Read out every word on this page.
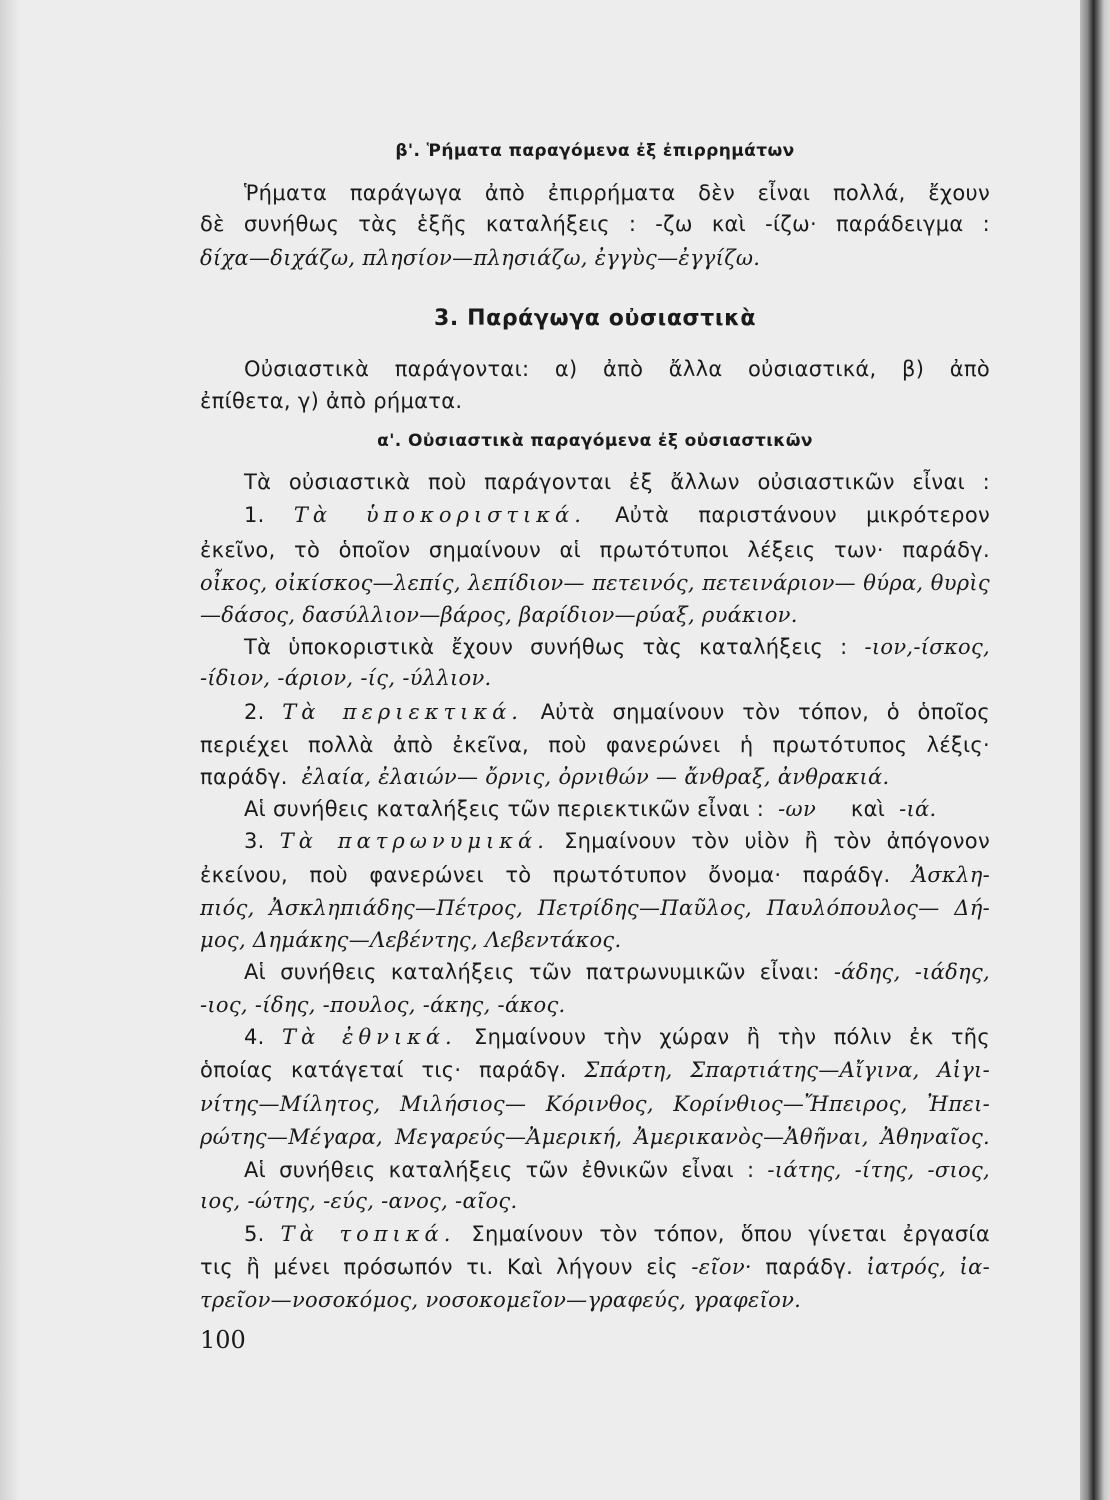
β'. Ῥήματα παραγόμενα ἐξ ἐπιρρημάτων
Ῥήματα παράγωγα ἀπὸ ἐπιρρήματα δὲν εἶναι πολλά, ἔχουν
δὲ συνήθως τὰς ἑξῆς καταλήξεις : -ζω καὶ -ίζω· παράδειγμα :
δίχα—διχάζω, πλησίον—πλησιάζω, ἐγγὺς—ἐγγίζω.
3. Παράγωγα οὐσιαστικὰ
Οὐσιαστικὰ παράγονται: α) ἀπὸ ἄλλα οὐσιαστικά, β) ἀπὸ
ἐπίθετα, γ) ἀπὸ ρήματα.
α'. Οὐσιαστικὰ παραγόμενα ἐξ οὐσιαστικῶν
Τὰ οὐσιαστικὰ ποὺ παράγονται ἐξ ἄλλων οὐσιαστικῶν εἶναι :
1. Τὰ ὑποκοριστικά. Αὐτὰ παριστάνουν μικρότερον
ἐκεῖνο, τὸ ὁποῖον σημαίνουν αἱ πρωτότυποι λέξεις των· παράδγ.
οἶκος, οἰκίσκος—λεπίς, λεπίδιον— πετεινός, πετεινάριον— θύρα, θυρὶς
—δάσος, δασύλλιον—βάρος, βαρίδιον—ρύαξ, ρυάκιον.
Τὰ ὑποκοριστικὰ ἔχουν συνήθως τὰς καταλήξεις : -ιον,-ίσκος,
-ίδιον, -άριον, -ίς, -ύλλιον.
2. Τὰ περιεκτικά. Αὐτὰ σημαίνουν τὸν τόπον, ὁ ὁποῖος
περιέχει πολλὰ ἀπὸ ἐκεῖνα, ποὺ φανερώνει ἡ πρωτότυπος λέξις·
παράδγ. ἐλαία, ἐλαιών— ὄρνις, ὀρνιθών — ἄνθραξ, ἀνθρακιά.
Αἱ συνήθεις καταλήξεις τῶν περιεκτικῶν εἶναι : -ων καὶ -ιά.
3. Τὰ πατρωνυμικά. Σημαίνουν τὸν υἱὸν ἢ τὸν ἀπόγονον
ἐκείνου, ποὺ φανερώνει τὸ πρωτότυπον ὄνομα· παράδγ. Ἀσκλη-
πιός, Ἀσκληπιάδης—Πέτρος, Πετρίδης—Παῦλος, Παυλόπουλος— Δή-
μος, Δημάκης—Λεβέντης, Λεβεντάκος.
Αἱ συνήθεις καταλήξεις τῶν πατρωνυμικῶν εἶναι: -άδης, -ιάδης,
-ιος, -ίδης, -πουλος, -άκης, -άκος.
4. Τὰ ἐθνικά. Σημαίνουν τὴν χώραν ἢ τὴν πόλιν ἐκ τῆς
ὁποίας κατάγεταί τις· παράδγ. Σπάρτη, Σπαρτιάτης—Αἴγινα, Αἰγι-
νίτης—Μίλητος, Μιλήσιος— Κόρινθος, Κορίνθιος—Ἤπειρος, Ἠπει-
ρώτης—Μέγαρα, Μεγαρεύς—Ἀμερική, Ἀμερικανὸς—Ἀθῆναι, Ἀθηναῖος.
Αἱ συνήθεις καταλήξεις τῶν ἐθνικῶν εἶναι : -ιάτης, -ίτης, -σιος,
ιος, -ώτης, -εύς, -ανος, -αῖος.
5. Τὰ τοπικά. Σημαίνουν τὸν τόπον, ὅπου γίνεται ἐργασία
τις ἢ μένει πρόσωπόν τι. Καὶ λήγουν εἰς -εῖον· παράδγ. ἰατρός, ἰα-
τρεῖον—νοσοκόμος, νοσοκομεῖον—γραφεύς, γραφεῖον.
100
